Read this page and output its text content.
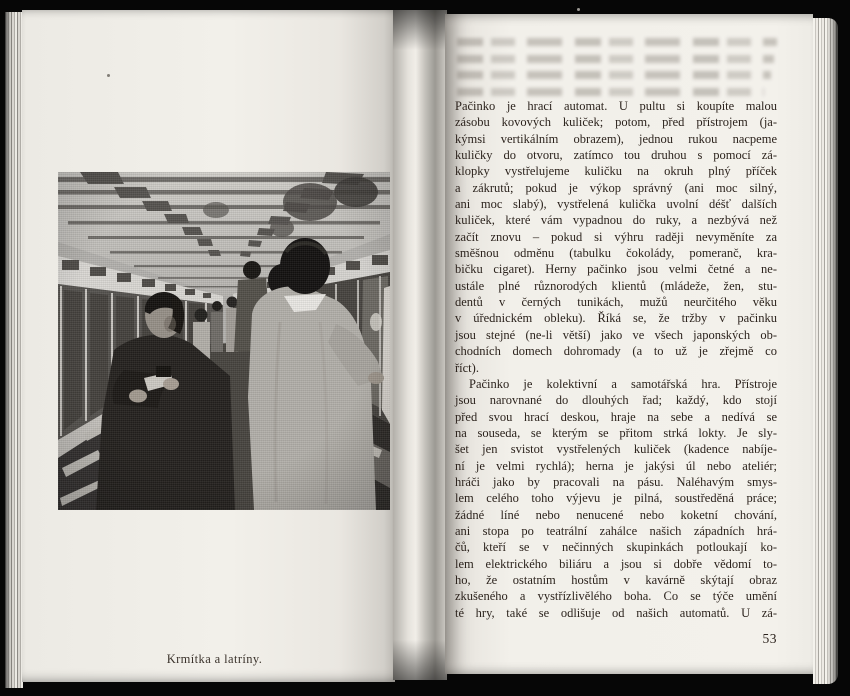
Krmítka a latríny.
Pačinko je hrací automat. U pultu si koupíte malou
zásobu kovových kuliček; potom, před přístrojem (ja-
kýmsi vertikálním obrazem), jednou rukou nacpeme
kuličky do otvoru, zatímco tou druhou s pomocí zá-
klopky vystřelujeme kuličku na okruh plný příček
a zákrutů; pokud je výkop správný (ani moc silný,
ani moc slabý), vystřelená kulička uvolní déšť dalších
kuliček, které vám vypadnou do ruky, a nezbývá než
začít znovu – pokud si výhru raději nevyměníte za
směšnou odměnu (tabulku čokolády, pomeranč, kra-
bičku cigaret). Herny pačinko jsou velmi četné a ne-
ustále plné různorodých klientů (mládeže, žen, stu-
dentů v černých tunikách, mužů neurčitého věku
v úřednickém obleku). Říká se, že tržby v pačinku
jsou stejné (ne-li větší) jako ve všech japonských ob-
chodních domech dohromady (a to už je zřejmě co
říct).
Pačinko je kolektivní a samotářská hra. Přístroje
jsou narovnané do dlouhých řad; každý, kdo stojí
před svou hrací deskou, hraje na sebe a nedívá se
na souseda, se kterým se přitom strká lokty. Je sly-
šet jen svistot vystřelených kuliček (kadence nabíje-
ní je velmi rychlá); herna je jakýsi úl nebo ateliér;
hráči jako by pracovali na pásu. Naléhavým smys-
lem celého toho výjevu je pilná, soustředěná práce;
žádné líné nebo nenucené nebo koketní chování,
ani stopa po teatrální zahálce našich západních hrá-
čů, kteří se v nečinných skupinkách potloukají ko-
lem elektrického biliáru a jsou si dobře vědomí to-
ho, že ostatním hostům v kavárně skýtají obraz
zkušeného a vystřízlivělého boha. Co se týče umění
té hry, také se odlišuje od našich automatů. U zá-
53
